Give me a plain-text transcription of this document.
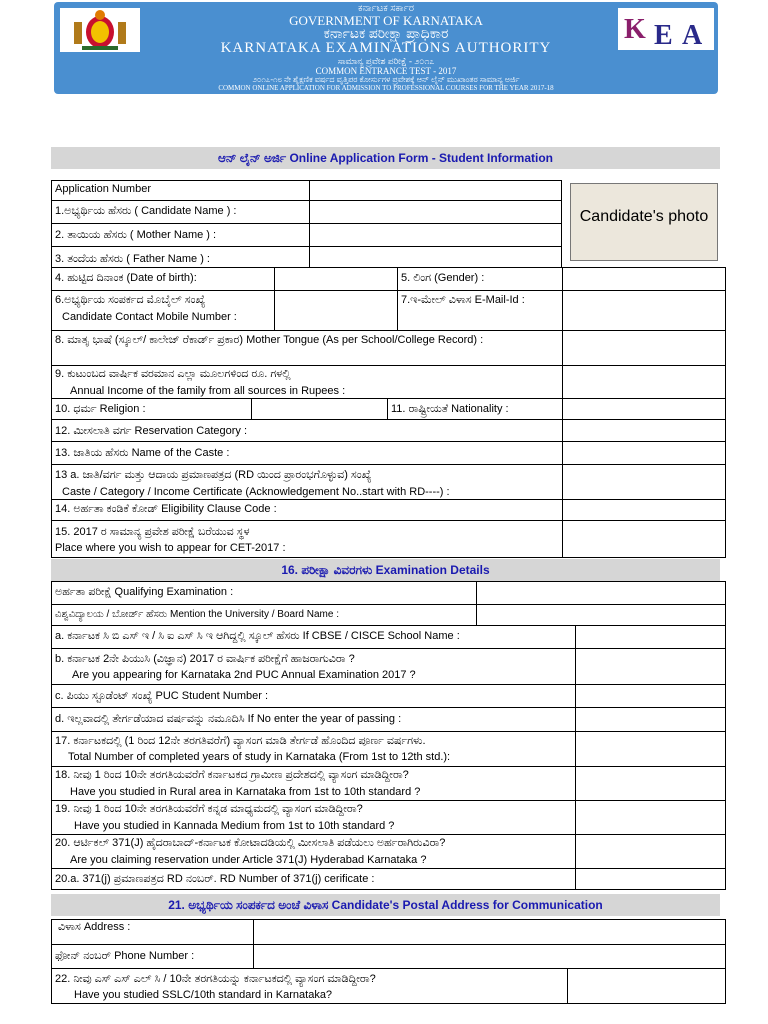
ಕರ್ನಾಟಕ ಸರ್ಕಾರ
GOVERNMENT OF KARNATAKA
ಕರ್ನಾಟಕ ಪರೀಕ್ಷಾ ಪ್ರಾಧಿಕಾರ
KARNATAKA EXAMINATIONS AUTHORITY
ಸಾಮಾನ್ಯ ಪ್ರವೇಶ ಪರೀಕ್ಷೆ - ೨೦೧೭
COMMON ENTRANCE TEST - 2017
೨೦೧೭-೧೮ ನೇ ಶೈಕ್ಷಣಿಕ ವರ್ಷದ ವೃತ್ತಿಪರ ಕೋರ್ಸುಗಳ ಪ್ರವೇಶಕ್ಕೆ ಆನ್ ಲೈನ್ ಮುಖಾಂತರ ಸಾಮಾನ್ಯ ಅರ್ಜಿ
COMMON ONLINE APPLICATION FOR ADMISSION TO PROFESSIONAL COURSES FOR THE YEAR 2017-18
K E A
ಆನ್ ಲೈನ್ ಅರ್ಜಿ Online Application Form - Student Information
Candidate's photo
Application Number
1.ಅಭ್ಯರ್ಥಿಯ ಹೆಸರು ( Candidate Name ) :
2. ತಾಯಿಯ ಹೆಸರು ( Mother Name ) :
3. ತಂದೆಯ ಹೆಸರು ( Father Name ) :
4. ಹುಟ್ಟಿದ ದಿನಾಂಕ (Date of birth):	5. ಲಿಂಗ (Gender) :
6.ಅಭ್ಯರ್ಥಿಯ ಸಂಪರ್ಕದ ಮೊಬೈಲ್ ಸಂಖ್ಯೆ
Candidate Contact Mobile Number :
7.ಇ-ಮೇಲ್ ವಿಳಾಸ E-Mail-Id :
8. ಮಾತೃ ಭಾಷೆ (ಸ್ಕೂಲ್/ ಕಾಲೇಜ್ ರೆಕಾರ್ಡ್ ಪ್ರಕಾರ) Mother Tongue (As per School/College Record) :
9. ಕುಟುಂಬದ ವಾರ್ಷಿಕ ವರಮಾನ ಎಲ್ಲಾ ಮೂಲಗಳಿಂದ ರೂ. ಗಳಲ್ಲಿ
Annual Income of the family from all sources in Rupees :
10. ಧರ್ಮ Religion :	11. ರಾಷ್ಟ್ರೀಯತೆ Nationality :
12. ಮೀಸಲಾತಿ ವರ್ಗ Reservation Category :
13. ಜಾತಿಯ ಹೆಸರು Name of the Caste :
13 a. ಜಾತಿ/ವರ್ಗ ಮತ್ತು ಆದಾಯ ಪ್ರಮಾಣಪತ್ರದ (RD ಯಿಂದ ಪ್ರಾರಂಭಗೊಳ್ಳುವ) ಸಂಖ್ಯೆ
Caste / Category / Income Certificate (Acknowledgement No..start with RD----) :
14. ಅರ್ಹತಾ ಕಂಡಿಕೆ ಕೋಡ್ Eligibility Clause Code :
15. 2017 ರ ಸಾಮಾನ್ಯ ಪ್ರವೇಶ ಪರೀಕ್ಷೆ ಬರೆಯುವ ಸ್ಥಳ
Place where you wish to appear for CET-2017 :
16. ಪರೀಕ್ಷಾ ವಿವರಗಳು Examination Details
ಅರ್ಹತಾ ಪರೀಕ್ಷೆ Qualifying Examination :
ವಿಶ್ವವಿದ್ಯಾಲಯ / ಬೋರ್ಡ್ ಹೆಸರು Mention the University / Board Name :
a. ಕರ್ನಾಟಕ ಸಿ ಬಿ ಎಸ್ ಇ / ಸಿ ಐ ಎಸ್ ಸಿ ಇ ಆಗಿದ್ದಲ್ಲಿ ಸ್ಕೂಲ್ ಹೆಸರು If CBSE / CISCE School Name :
b. ಕರ್ನಾಟಕ 2ನೇ ಪಿಯುಸಿ (ವಿಜ್ಞಾನ) 2017 ರ ವಾರ್ಷಿಕ ಪರೀಕ್ಷೆಗೆ ಹಾಜರಾಗುವಿರಾ ?
Are you appearing for Karnataka 2nd PUC Annual Examination 2017 ?
c. ಪಿಯು ಸ್ಟೂಡೆಂಟ್ ಸಂಖ್ಯೆ PUC Student Number :
d. ಇಲ್ಲವಾದಲ್ಲಿ ತೇರ್ಗಡೆಯಾದ ವರ್ಷವನ್ನು ನಮೂದಿಸಿ If No enter the year of passing :
17. ಕರ್ನಾಟಕದಲ್ಲಿ (1 ರಿಂದ 12ನೇ ತರಗತಿವರೆಗೆ) ವ್ಯಾಸಂಗ ಮಾಡಿ ತೇರ್ಗಡೆ ಹೊಂದಿದ ಪೂರ್ಣ ವರ್ಷಗಳು.
Total Number of completed years of study in Karnataka (From 1st to 12th std.):
18. ನೀವು 1 ರಿಂದ 10ನೇ ತರಗತಿಯವರೆಗೆ ಕರ್ನಾಟಕದ ಗ್ರಾಮೀಣ ಪ್ರದೇಶದಲ್ಲಿ ವ್ಯಾಸಂಗ ಮಾಡಿದ್ದೀರಾ?
Have you studied in Rural area in Karnataka from 1st to 10th standard ?
19. ನೀವು 1 ರಿಂದ 10ನೇ ತರಗತಿಯವರೆಗೆ ಕನ್ನಡ ಮಾಧ್ಯಮದಲ್ಲಿ ವ್ಯಾಸಂಗ ಮಾಡಿದ್ದೀರಾ?
Have you studied in Kannada Medium from 1st to 10th standard ?
20. ಆರ್ಟಿಕಲ್ 371(J) ಹೈದರಾಬಾದ್-ಕರ್ನಾಟಕ ಕೋಟಾದಡಿಯಲ್ಲಿ ಮೀಸಲಾತಿ ಪಡೆಯಲು ಅರ್ಹರಾಗಿರುವಿರಾ?
Are you claiming reservation under Article 371(J) Hyderabad Karnataka ?
20.a. 371(j) ಪ್ರಮಾಣಪತ್ರದ RD ನಂಬರ್. RD Number of 371(j) cerificate :
21. ಅಭ್ಯರ್ಥಿಯ ಸಂಪರ್ಕದ ಅಂಚೆ ವಿಳಾಸ Candidate's Postal Address for Communication
ವಿಳಾಸ Address :
ಫೋನ್ ನಂಬರ್ Phone Number :
22. ನೀವು ಎಸ್ ಎಸ್ ಎಲ್ ಸಿ / 10ನೇ ತರಗತಿಯನ್ನು ಕರ್ನಾಟಕದಲ್ಲಿ ವ್ಯಾಸಂಗ ಮಾಡಿದ್ದೀರಾ?
Have you studied SSLC/10th standard in Karnataka?
